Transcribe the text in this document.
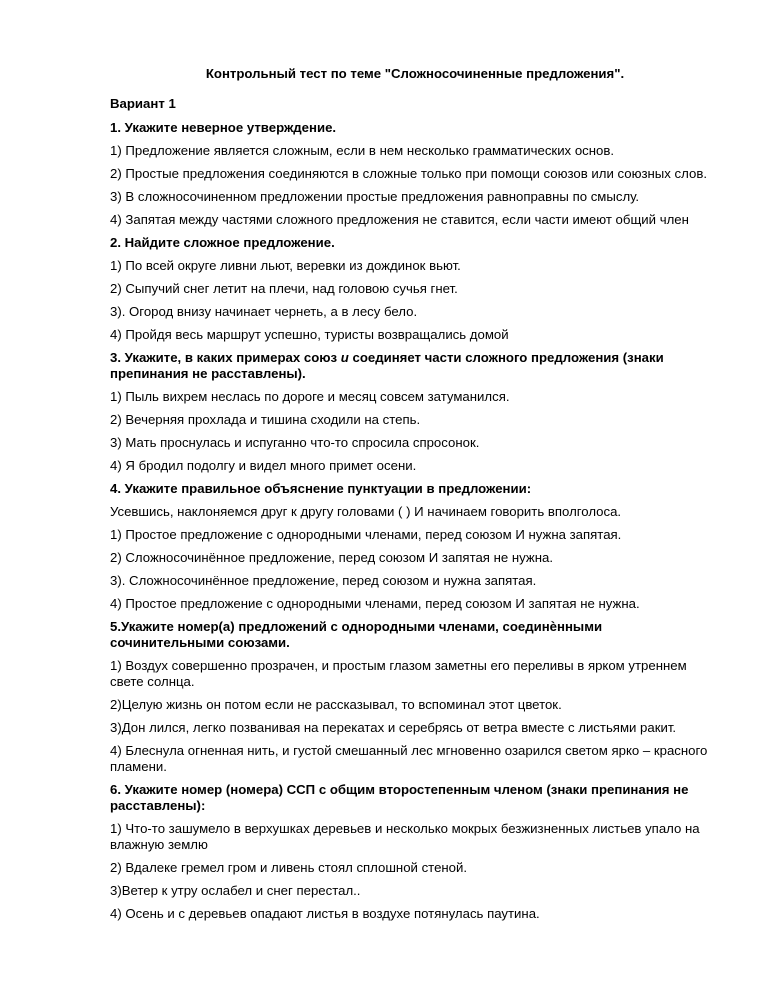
Контрольный тест по теме "Сложносочиненные предложения".
Вариант 1
1. Укажите неверное утверждение.
1) Предложение является сложным, если в нем несколько грамматических основ.
2) Простые предложения соединяются в сложные только при помощи союзов или союзных слов.
3) В сложносочиненном предложении простые предложения равноправны по смыслу.
4) Запятая между частями сложного предложения не ставится, если части имеют общий член
2. Найдите сложное предложение.
1) По всей округе ливни льют, веревки из дождинок вьют.
2) Сыпучий снег летит на плечи, над головою сучья гнет.
3). Огород внизу начинает чернеть, а в лесу бело.
4) Пройдя весь маршрут успешно, туристы возвращались домой
3. Укажите, в каких примерах союз и соединяет части сложного предложения (знаки препинания не расставлены).
1) Пыль вихрем неслась по дороге и месяц совсем затуманился.
2) Вечерняя прохлада и тишина сходили на степь.
3) Мать проснулась и испуганно что-то спросила спросонок.
4) Я бродил подолгу и видел много примет осени.
4. Укажите правильное объяснение пунктуации в предложении:
Усевшись, наклоняемся друг к другу головами ( ) И начинаем говорить вполголоса.
1) Простое предложение с однородными членами, перед союзом И нужна запятая.
2) Сложносочинённое предложение, перед союзом И запятая не нужна.
3). Сложносочинённое предложение, перед союзом и нужна запятая.
4) Простое предложение с однородными членами, перед союзом И запятая не нужна.
5.Укажите номер(а) предложений с однородными членами, соединѐнными сочинительными союзами.
1) Воздух совершенно прозрачен, и простым глазом заметны его переливы в ярком утреннем свете солнца.
2)Целую жизнь он потом если не рассказывал, то вспоминал этот цветок.
3)Дон лился, легко позванивая на перекатах и серебрясь от ветра вместе с листьями ракит.
4) Блеснула огненная нить, и густой смешанный лес мгновенно озарился светом ярко – красного пламени.
6. Укажите номер (номера) ССП с общим второстепенным членом (знаки препинания не расставлены):
1) Что-то зашумело в верхушках деревьев и несколько мокрых безжизненных листьев упало на влажную землю
2) Вдалеке гремел гром и ливень стоял сплошной стеной.
3)Ветер к утру ослабел и снег перестал..
4) Осень и с деревьев опадают листья в воздухе потянулась паутина.
